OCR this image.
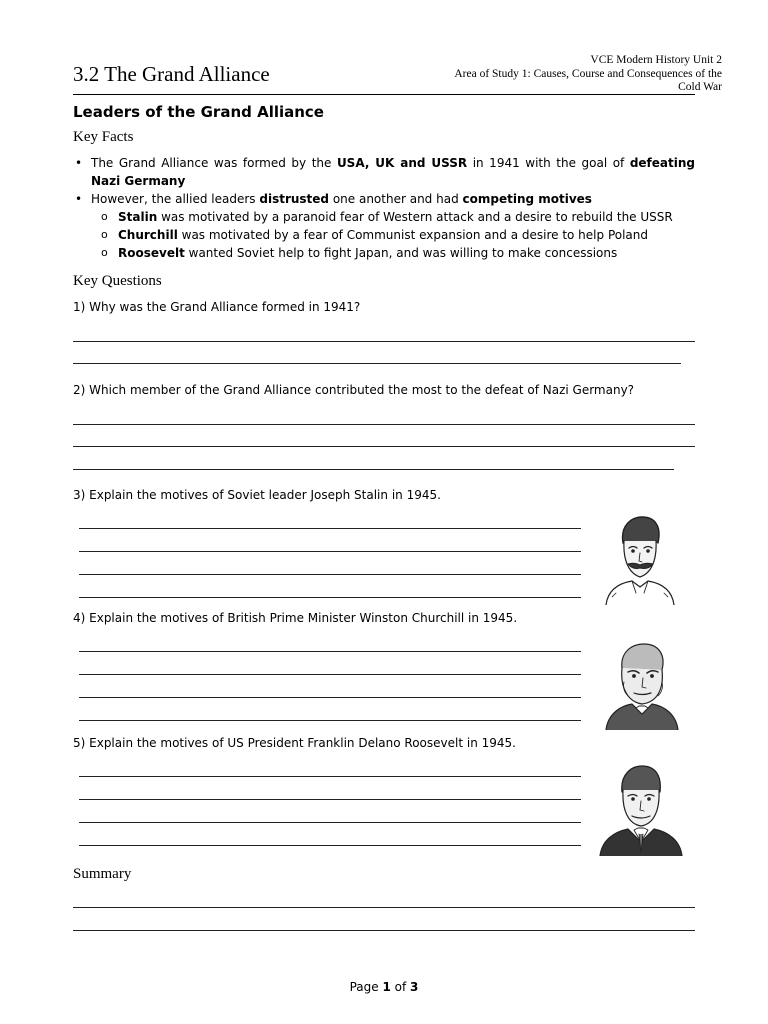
3.2 The Grand Alliance
VCE Modern History Unit 2
Area of Study 1: Causes, Course and Consequences of the
Cold War
Leaders of the Grand Alliance
Key Facts
• The Grand Alliance was formed by the USA, UK and USSR in 1941 with the goal of defeating Nazi Germany
• However, the allied leaders distrusted one another and had competing motives
o Stalin was motivated by a paranoid fear of Western attack and a desire to rebuild the USSR
o Churchill was motivated by a fear of Communist expansion and a desire to help Poland
o Roosevelt wanted Soviet help to fight Japan, and was willing to make concessions
Key Questions
1) Why was the Grand Alliance formed in 1941?
2) Which member of the Grand Alliance contributed the most to the defeat of Nazi Germany?
3) Explain the motives of Soviet leader Joseph Stalin in 1945.
4) Explain the motives of British Prime Minister Winston Churchill in 1945.
5) Explain the motives of US President Franklin Delano Roosevelt in 1945.
Summary
Page 1 of 3
